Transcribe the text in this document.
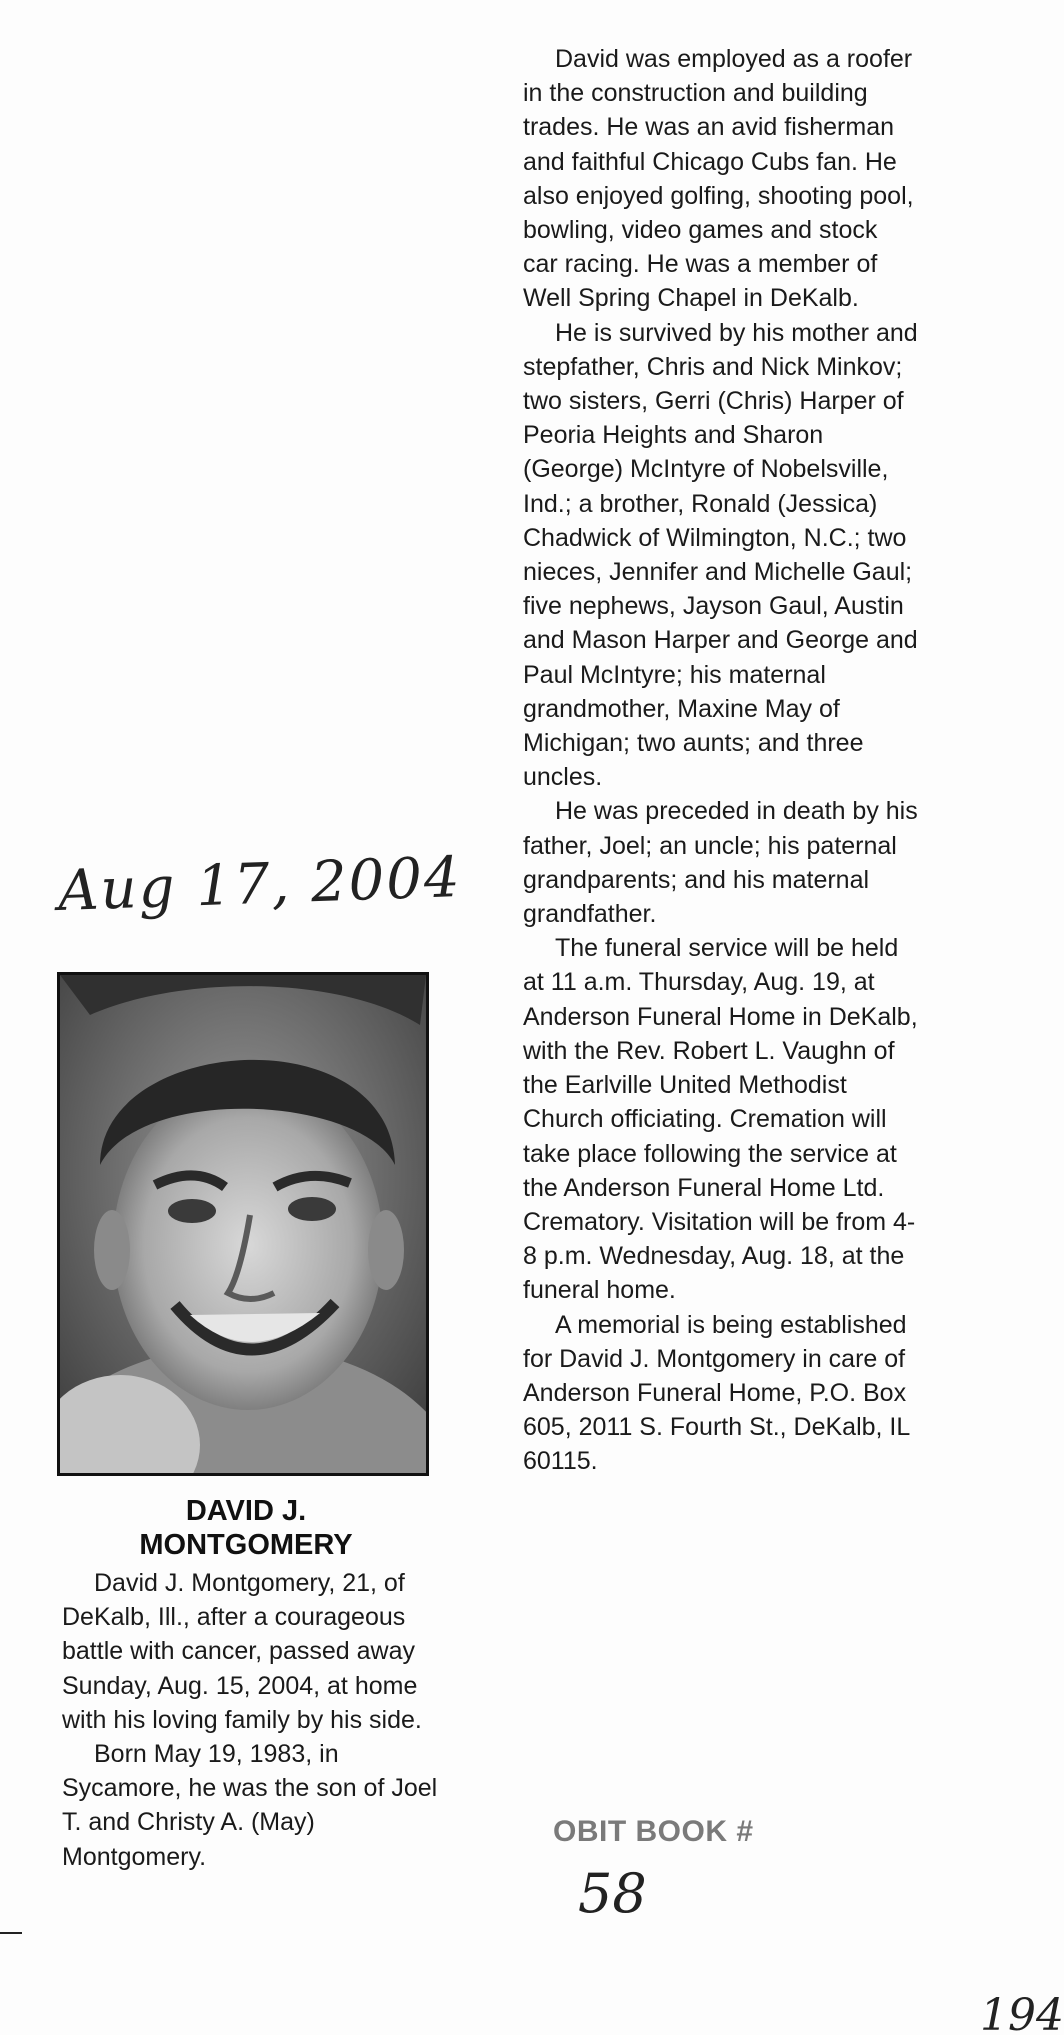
David was employed as a roofer in the construction and building trades. He was an avid fisherman and faithful Chicago Cubs fan. He also enjoyed golfing, shooting pool, bowling, video games and stock car racing. He was a member of Well Spring Chapel in DeKalb.

He is survived by his mother and stepfather, Chris and Nick Minkov; two sisters, Gerri (Chris) Harper of Peoria Heights and Sharon (George) McIntyre of Nobelsville, Ind.; a brother, Ronald (Jessica) Chadwick of Wilmington, N.C.; two nieces, Jennifer and Michelle Gaul; five nephews, Jayson Gaul, Austin and Mason Harper and George and Paul McIntyre; his maternal grandmother, Maxine May of Michigan; two aunts; and three uncles.

He was preceded in death by his father, Joel; an uncle; his paternal grandparents; and his maternal grandfather.

The funeral service will be held at 11 a.m. Thursday, Aug. 19, at Anderson Funeral Home in DeKalb, with the Rev. Robert L. Vaughn of the Earlville United Methodist Church officiating. Cremation will take place following the service at the Anderson Funeral Home Ltd. Crematory. Visitation will be from 4-8 p.m. Wednesday, Aug. 18, at the funeral home.

A memorial is being established for David J. Montgomery in care of Anderson Funeral Home, P.O. Box 605, 2011 S. Fourth St., DeKalb, IL 60115.

Aug 17, 2004
DAVID J.
MONTGOMERY

David J. Montgomery, 21, of DeKalb, Ill., after a courageous battle with cancer, passed away Sunday, Aug. 15, 2004, at home with his loving family by his side.

Born May 19, 1983, in Sycamore, he was the son of Joel T. and Christy A. (May) Montgomery.

OBIT BOOK #
58
194
